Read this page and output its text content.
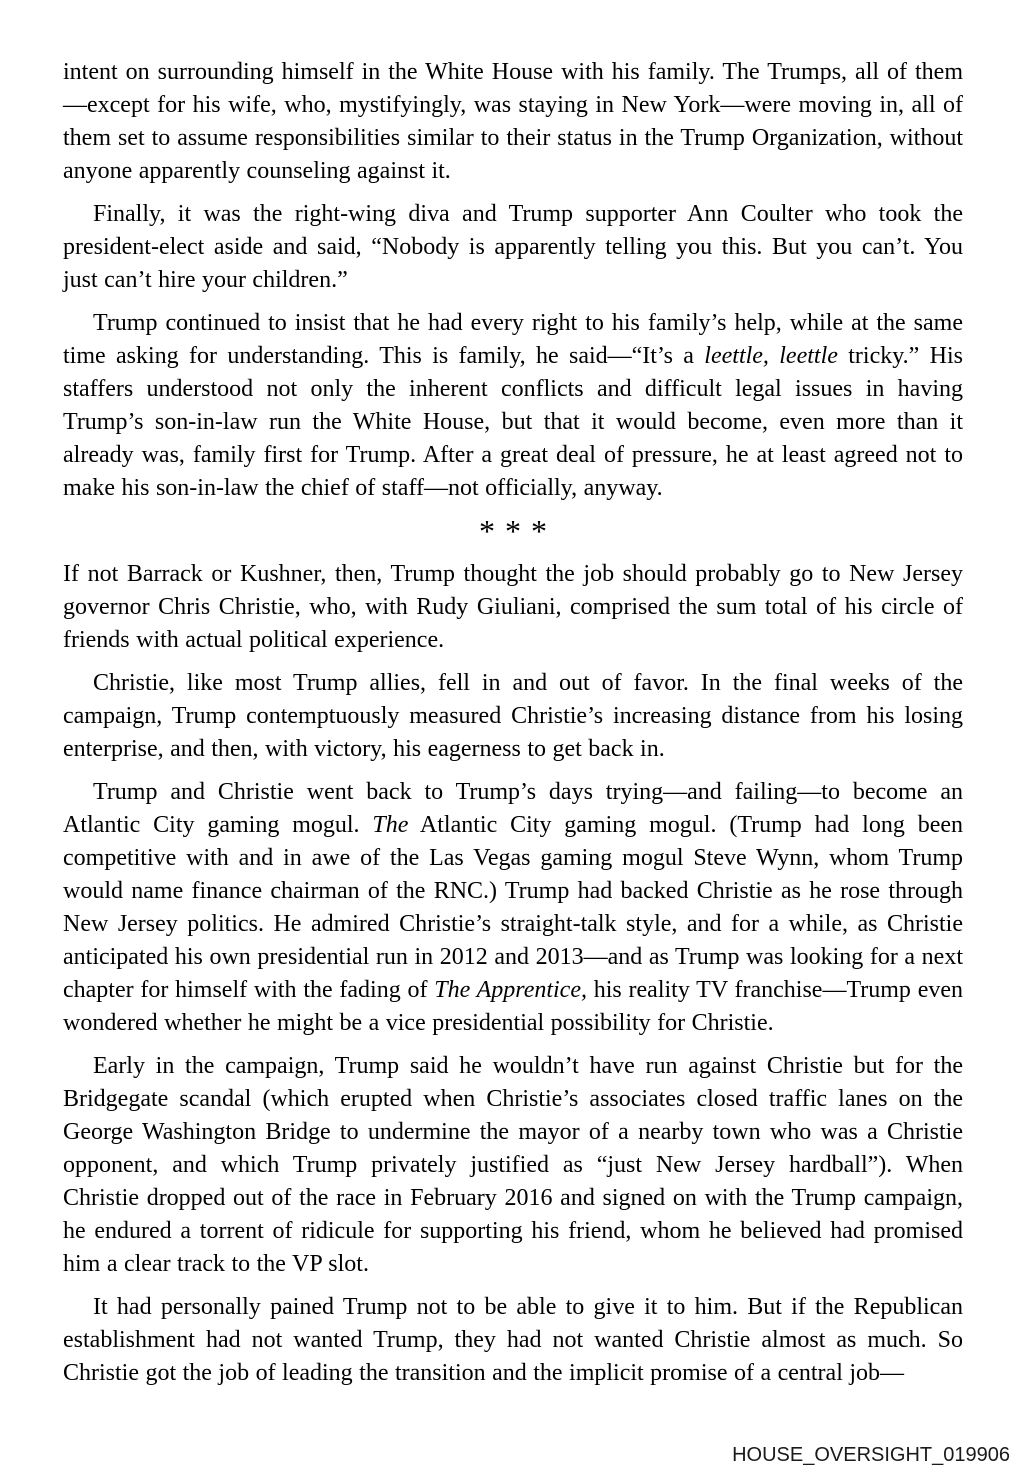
intent on surrounding himself in the White House with his family. The Trumps, all of them —except for his wife, who, mystifyingly, was staying in New York—were moving in, all of them set to assume responsibilities similar to their status in the Trump Organization, without anyone apparently counseling against it.

Finally, it was the right-wing diva and Trump supporter Ann Coulter who took the president-elect aside and said, “Nobody is apparently telling you this. But you can’t. You just can’t hire your children.”

Trump continued to insist that he had every right to his family’s help, while at the same time asking for understanding. This is family, he said—“It’s a leettle, leettle tricky.” His staffers understood not only the inherent conflicts and difficult legal issues in having Trump’s son-in-law run the White House, but that it would become, even more than it already was, family first for Trump. After a great deal of pressure, he at least agreed not to make his son-in-law the chief of staff—not officially, anyway.

* * *

If not Barrack or Kushner, then, Trump thought the job should probably go to New Jersey governor Chris Christie, who, with Rudy Giuliani, comprised the sum total of his circle of friends with actual political experience.

Christie, like most Trump allies, fell in and out of favor. In the final weeks of the campaign, Trump contemptuously measured Christie’s increasing distance from his losing enterprise, and then, with victory, his eagerness to get back in.

Trump and Christie went back to Trump’s days trying—and failing—to become an Atlantic City gaming mogul. The Atlantic City gaming mogul. (Trump had long been competitive with and in awe of the Las Vegas gaming mogul Steve Wynn, whom Trump would name finance chairman of the RNC.) Trump had backed Christie as he rose through New Jersey politics. He admired Christie’s straight-talk style, and for a while, as Christie anticipated his own presidential run in 2012 and 2013—and as Trump was looking for a next chapter for himself with the fading of The Apprentice, his reality TV franchise—Trump even wondered whether he might be a vice presidential possibility for Christie.

Early in the campaign, Trump said he wouldn’t have run against Christie but for the Bridgegate scandal (which erupted when Christie’s associates closed traffic lanes on the George Washington Bridge to undermine the mayor of a nearby town who was a Christie opponent, and which Trump privately justified as “just New Jersey hardball”). When Christie dropped out of the race in February 2016 and signed on with the Trump campaign, he endured a torrent of ridicule for supporting his friend, whom he believed had promised him a clear track to the VP slot.

It had personally pained Trump not to be able to give it to him. But if the Republican establishment had not wanted Trump, they had not wanted Christie almost as much. So Christie got the job of leading the transition and the implicit promise of a central job—

HOUSE_OVERSIGHT_019906
